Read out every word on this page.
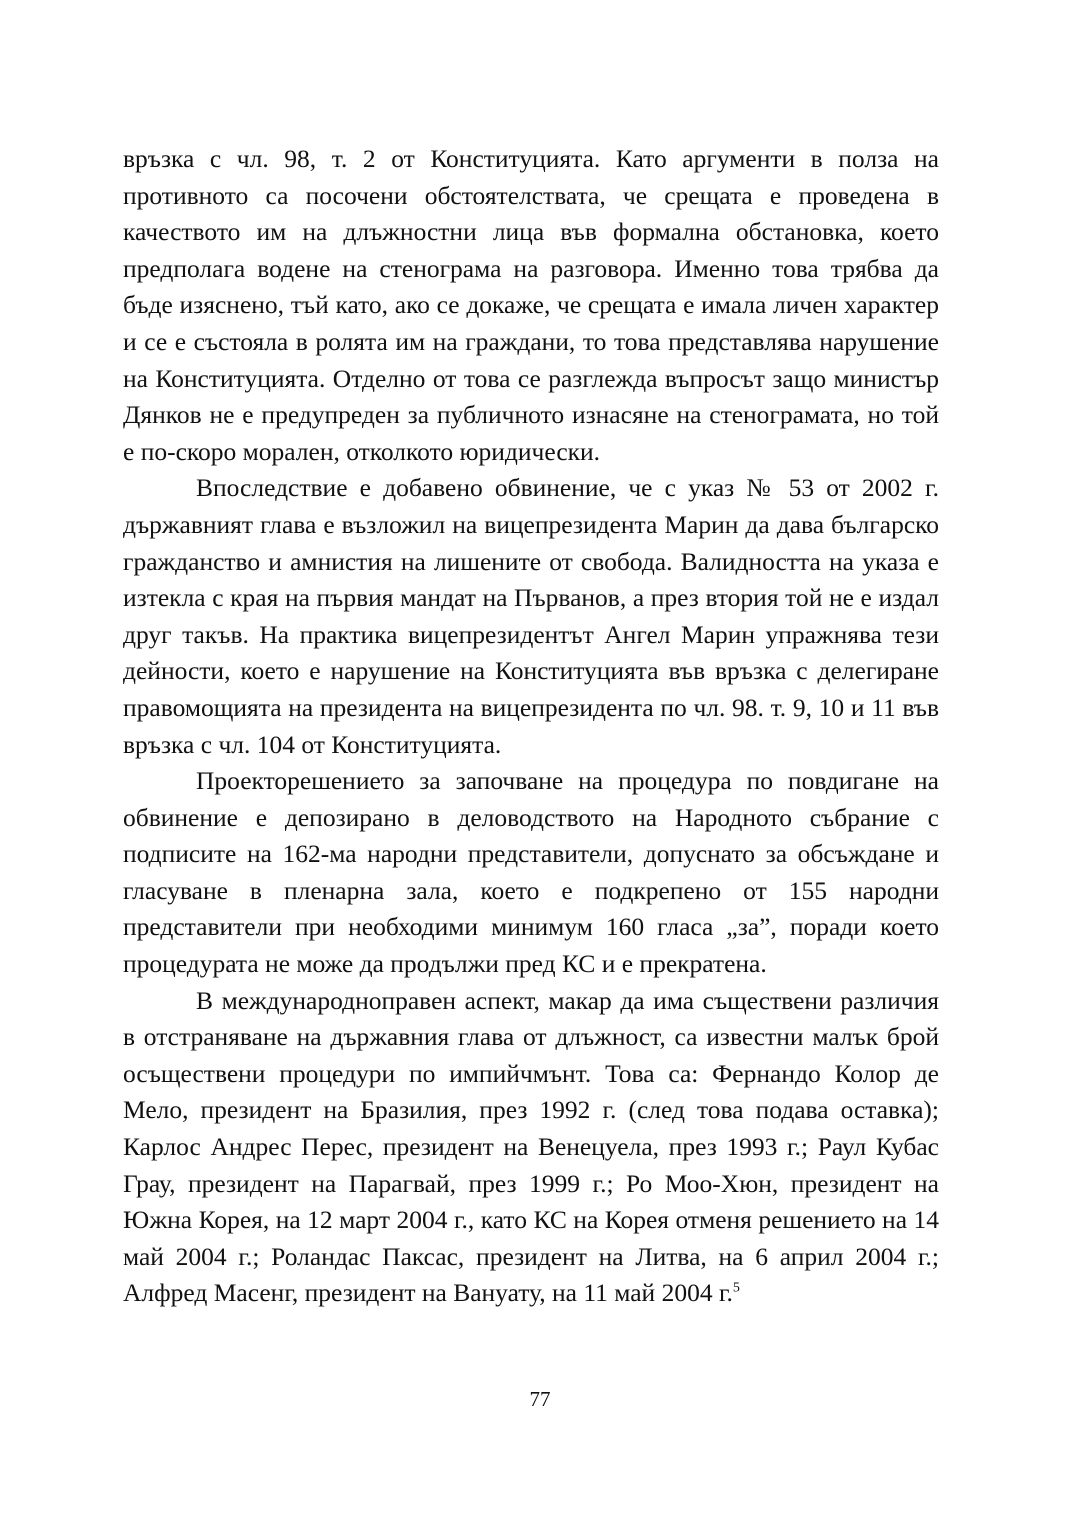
връзка с чл. 98, т. 2 от Конституцията. Като аргументи в полза на противното са посочени обстоятелствата, че срещата е проведена в качеството им на длъжностни лица във формална обстановка, което предполага водене на стенограма на разговора. Именно това трябва да бъде изяснено, тъй като, ако се докаже, че срещата е имала личен характер и се е състояла в ролята им на граждани, то това представлява нарушение на Конституцията. Отделно от това се разглежда въпросът защо министър Дянков не е предупреден за публичното изнасяне на стенограмата, но той е по-скоро морален, отколкото юридически.

Впоследствие е добавено обвинение, че с указ № 53 от 2002 г. държавният глава е възложил на вицепрезидента Марин да дава българско гражданство и амнистия на лишените от свобода. Валидността на указа е изтекла с края на първия мандат на Първанов, а през втория той не е издал друг такъв. На практика вицепрезидентът Ангел Марин упражнява тези дейности, което е нарушение на Конституцията във връзка с делегиране правомощията на президента на вицепрезидента по чл. 98. т. 9, 10 и 11 във връзка с чл. 104 от Конституцията.

Проекторешението за започване на процедура по повдигане на обвинение е депозирано в деловодството на Народното събрание с подписите на 162-ма народни представители, допуснато за обсъждане и гласуване в пленарна зала, което е подкрепено от 155 народни представители при необходими минимум 160 гласа „за”, поради което процедурата не може да продължи пред КС и е прекратена.

В международноправен аспект, макар да има съществени различия в отстраняване на държавния глава от длъжност, са известни малък брой осъществени процедури по импийчмънт. Това са: Фернандо Колор де Мело, президент на Бразилия, през 1992 г. (след това подава оставка); Карлос Андрес Перес, президент на Венецуела, през 1993 г.; Раул Кубас Грау, президент на Парагвай, през 1999 г.; Ро Моо-Хюн, президент на Южна Корея, на 12 март 2004 г., като КС на Корея отменя решението на 14 май 2004 г.; Роландас Паксас, президент на Литва, на 6 април 2004 г.; Алфред Масенг, президент на Вануату, на 11 май 2004 г.$^5$

77
